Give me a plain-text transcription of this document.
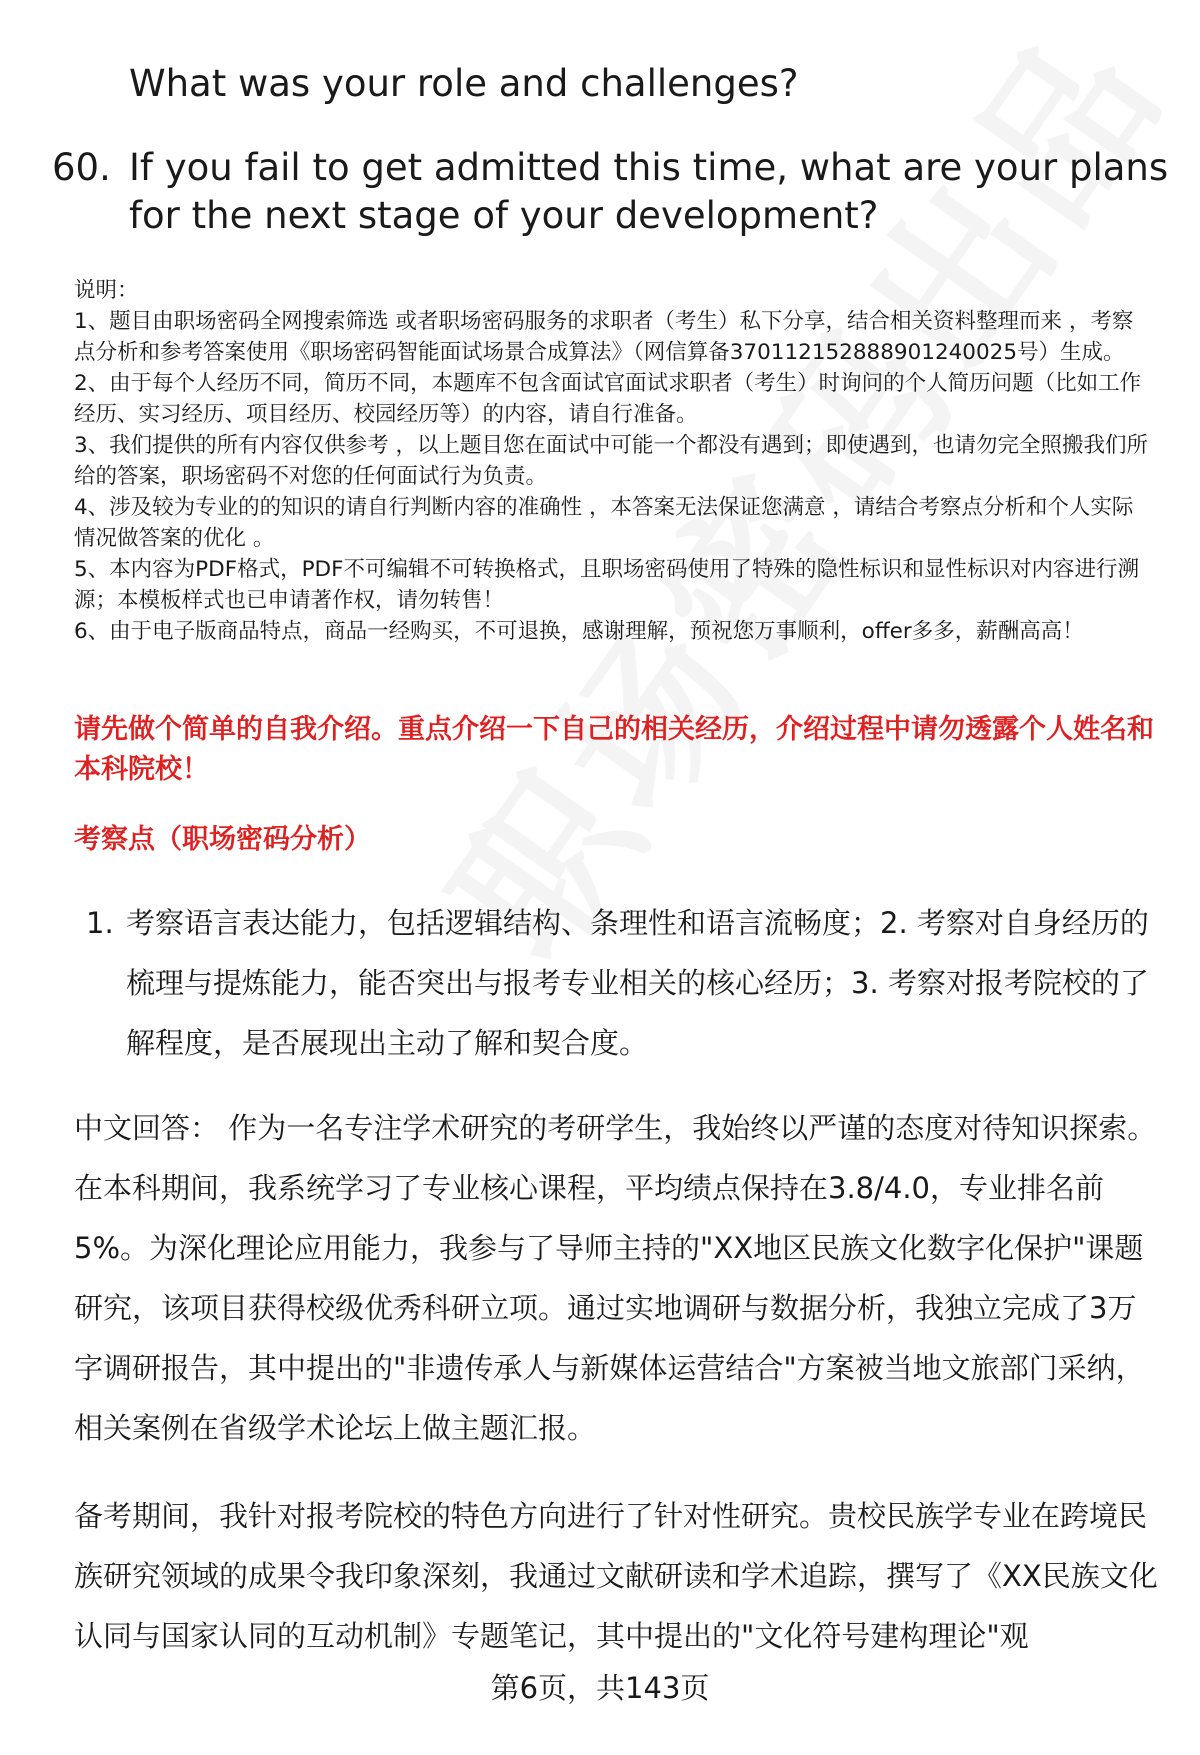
What was your role and challenges?
60. If you fail to get admitted this time, what are your plans for the next stage of your development?

说明：

1、题目由职场密码全网搜索筛选 或者职场密码服务的求职者（考生）私下分享，结合相关资料整理而来 ，考察点分析和参考答案使用《职场密码智能面试场景合成算法》（网信算备370112152888901240025号）生成。

2、由于每个人经历不同，简历不同，本题库不包含面试官面试求职者（考生）时询问的个人简历问题（比如工作经历、实习经历、项目经历、校园经历等）的内容，请自行准备。

3、我们提供的所有内容仅供参考 ，以上题目您在面试中可能一个都没有遇到；即使遇到，也请勿完全照搬我们所给的答案，职场密码不对您的任何面试行为负责。

4、涉及较为专业的的知识的请自行判断内容的准确性 ，本答案无法保证您满意 ，请结合考察点分析和个人实际情况做答案的优化 。

5、本内容为PDF格式，PDF不可编辑不可转换格式，且职场密码使用了特殊的隐性标识和显性标识对内容进行溯源；本模板样式也已申请著作权，请勿转售！

6、由于电子版商品特点，商品一经购买，不可退换，感谢理解，预祝您万事顺利，offer多多，薪酬高高！

请先做个简单的自我介绍。重点介绍一下自己的相关经历，介绍过程中请勿透露个人姓名和本科院校！
考察点（职场密码分析）
1. 考察语言表达能力，包括逻辑结构、条理性和语言流畅度；2. 考察对自身经历的梳理与提炼能力，能否突出与报考专业相关的核心经历；3. 考察对报考院校的了解程度，是否展现出主动了解和契合度。

中文回答： 作为一名专注学术研究的考研学生，我始终以严谨的态度对待知识探索。在本科期间，我系统学习了专业核心课程，平均绩点保持在3.8/4.0，专业排名前5%。为深化理论应用能力，我参与了导师主持的"XX地区民族文化数字化保护"课题研究，该项目获得校级优秀科研立项。通过实地调研与数据分析，我独立完成了3万字调研报告，其中提出的"非遗传承人与新媒体运营结合"方案被当地文旅部门采纳，相关案例在省级学术论坛上做主题汇报。

备考期间，我针对报考院校的特色方向进行了针对性研究。贵校民族学专业在跨境民族研究领域的成果令我印象深刻，我通过文献研读和学术追踪，撰写了《XX民族文化认同与国家认同的互动机制》专题笔记，其中提出的"文化符号建构理论"观

第6页，共143页
